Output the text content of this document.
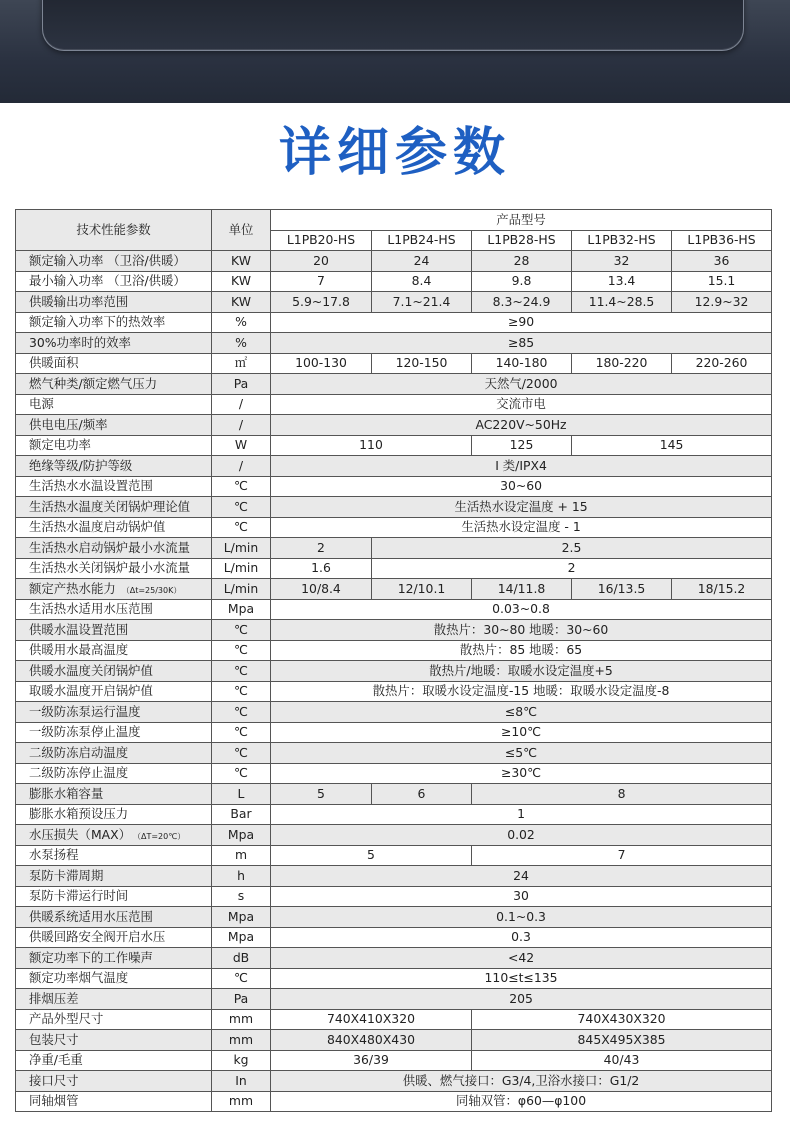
详细参数
技术性能参数	单位	产品型号				
		L1PB20-HS	L1PB24-HS	L1PB28-HS	L1PB32-HS	L1PB36-HS
额定输入功率 （卫浴/供暖）	KW	20	24	28	32	36
最小输入功率 （卫浴/供暖）	KW	7	8.4	9.8	13.4	15.1
供暖输出功率范围	KW	5.9~17.8	7.1~21.4	8.3~24.9	11.4~28.5	12.9~32
额定输入功率下的热效率	%	≥90				
30%功率时的效率	%	≥85				
供暖面积	㎡	100-130	120-150	140-180	180-220	220-260
燃气种类/额定燃气压力	Pa	天然气/2000				
电源	/	交流市电				
供电电压/频率	/	AC220V~50Hz				
额定电功率	W	110		125	145	
绝缘等级/防护等级	/	I 类/IPX4				
生活热水水温设置范围	℃	30~60				
生活热水温度关闭锅炉理论值	℃	生活热水设定温度 + 15				
生活热水温度启动锅炉值	℃	生活热水设定温度 - 1				
生活热水启动锅炉最小水流量	L/min	2	2.5			
生活热水关闭锅炉最小水流量	L/min	1.6	2			
额定产热水能力 （Δt=25/30K）	L/min	10/8.4	12/10.1	14/11.8	16/13.5	18/15.2
生活热水适用水压范围	Mpa	0.03~0.8				
供暖水温设置范围	℃	散热片：30~80 地暖：30~60				
供暖用水最高温度	℃	散热片：85 地暖：65				
供暖水温度关闭锅炉值	℃	散热片/地暖：取暖水设定温度+5				
取暖水温度开启锅炉值	℃	散热片：取暖水设定温度-15 地暖：取暖水设定温度-8				
一级防冻泵运行温度	℃	≤8℃				
一级防冻泵停止温度	℃	≥10℃				
二级防冻启动温度	℃	≤5℃				
二级防冻停止温度	℃	≥30℃				
膨胀水箱容量	L	5	6	8		
膨胀水箱预设压力	Bar	1				
水压损失（MAX） （ΔT=20℃）	Mpa	0.02				
水泵扬程	m	5		7		
泵防卡滞周期	h	24				
泵防卡滞运行时间	s	30				
供暖系统适用水压范围	Mpa	0.1~0.3				
供暖回路安全阀开启水压	Mpa	0.3				
额定功率下的工作噪声	dB	<42				
额定功率烟气温度	℃	110≤t≤135				
排烟压差	Pa	205				
产品外型尺寸	mm	740X410X320		740X430X320		
包装尺寸	mm	840X480X430		845X495X385		
净重/毛重	kg	36/39		40/43		
接口尺寸	In	供暖、燃气接口：G3/4,卫浴水接口：G1/2				
同轴烟管	mm	同轴双管：φ60—φ100				
